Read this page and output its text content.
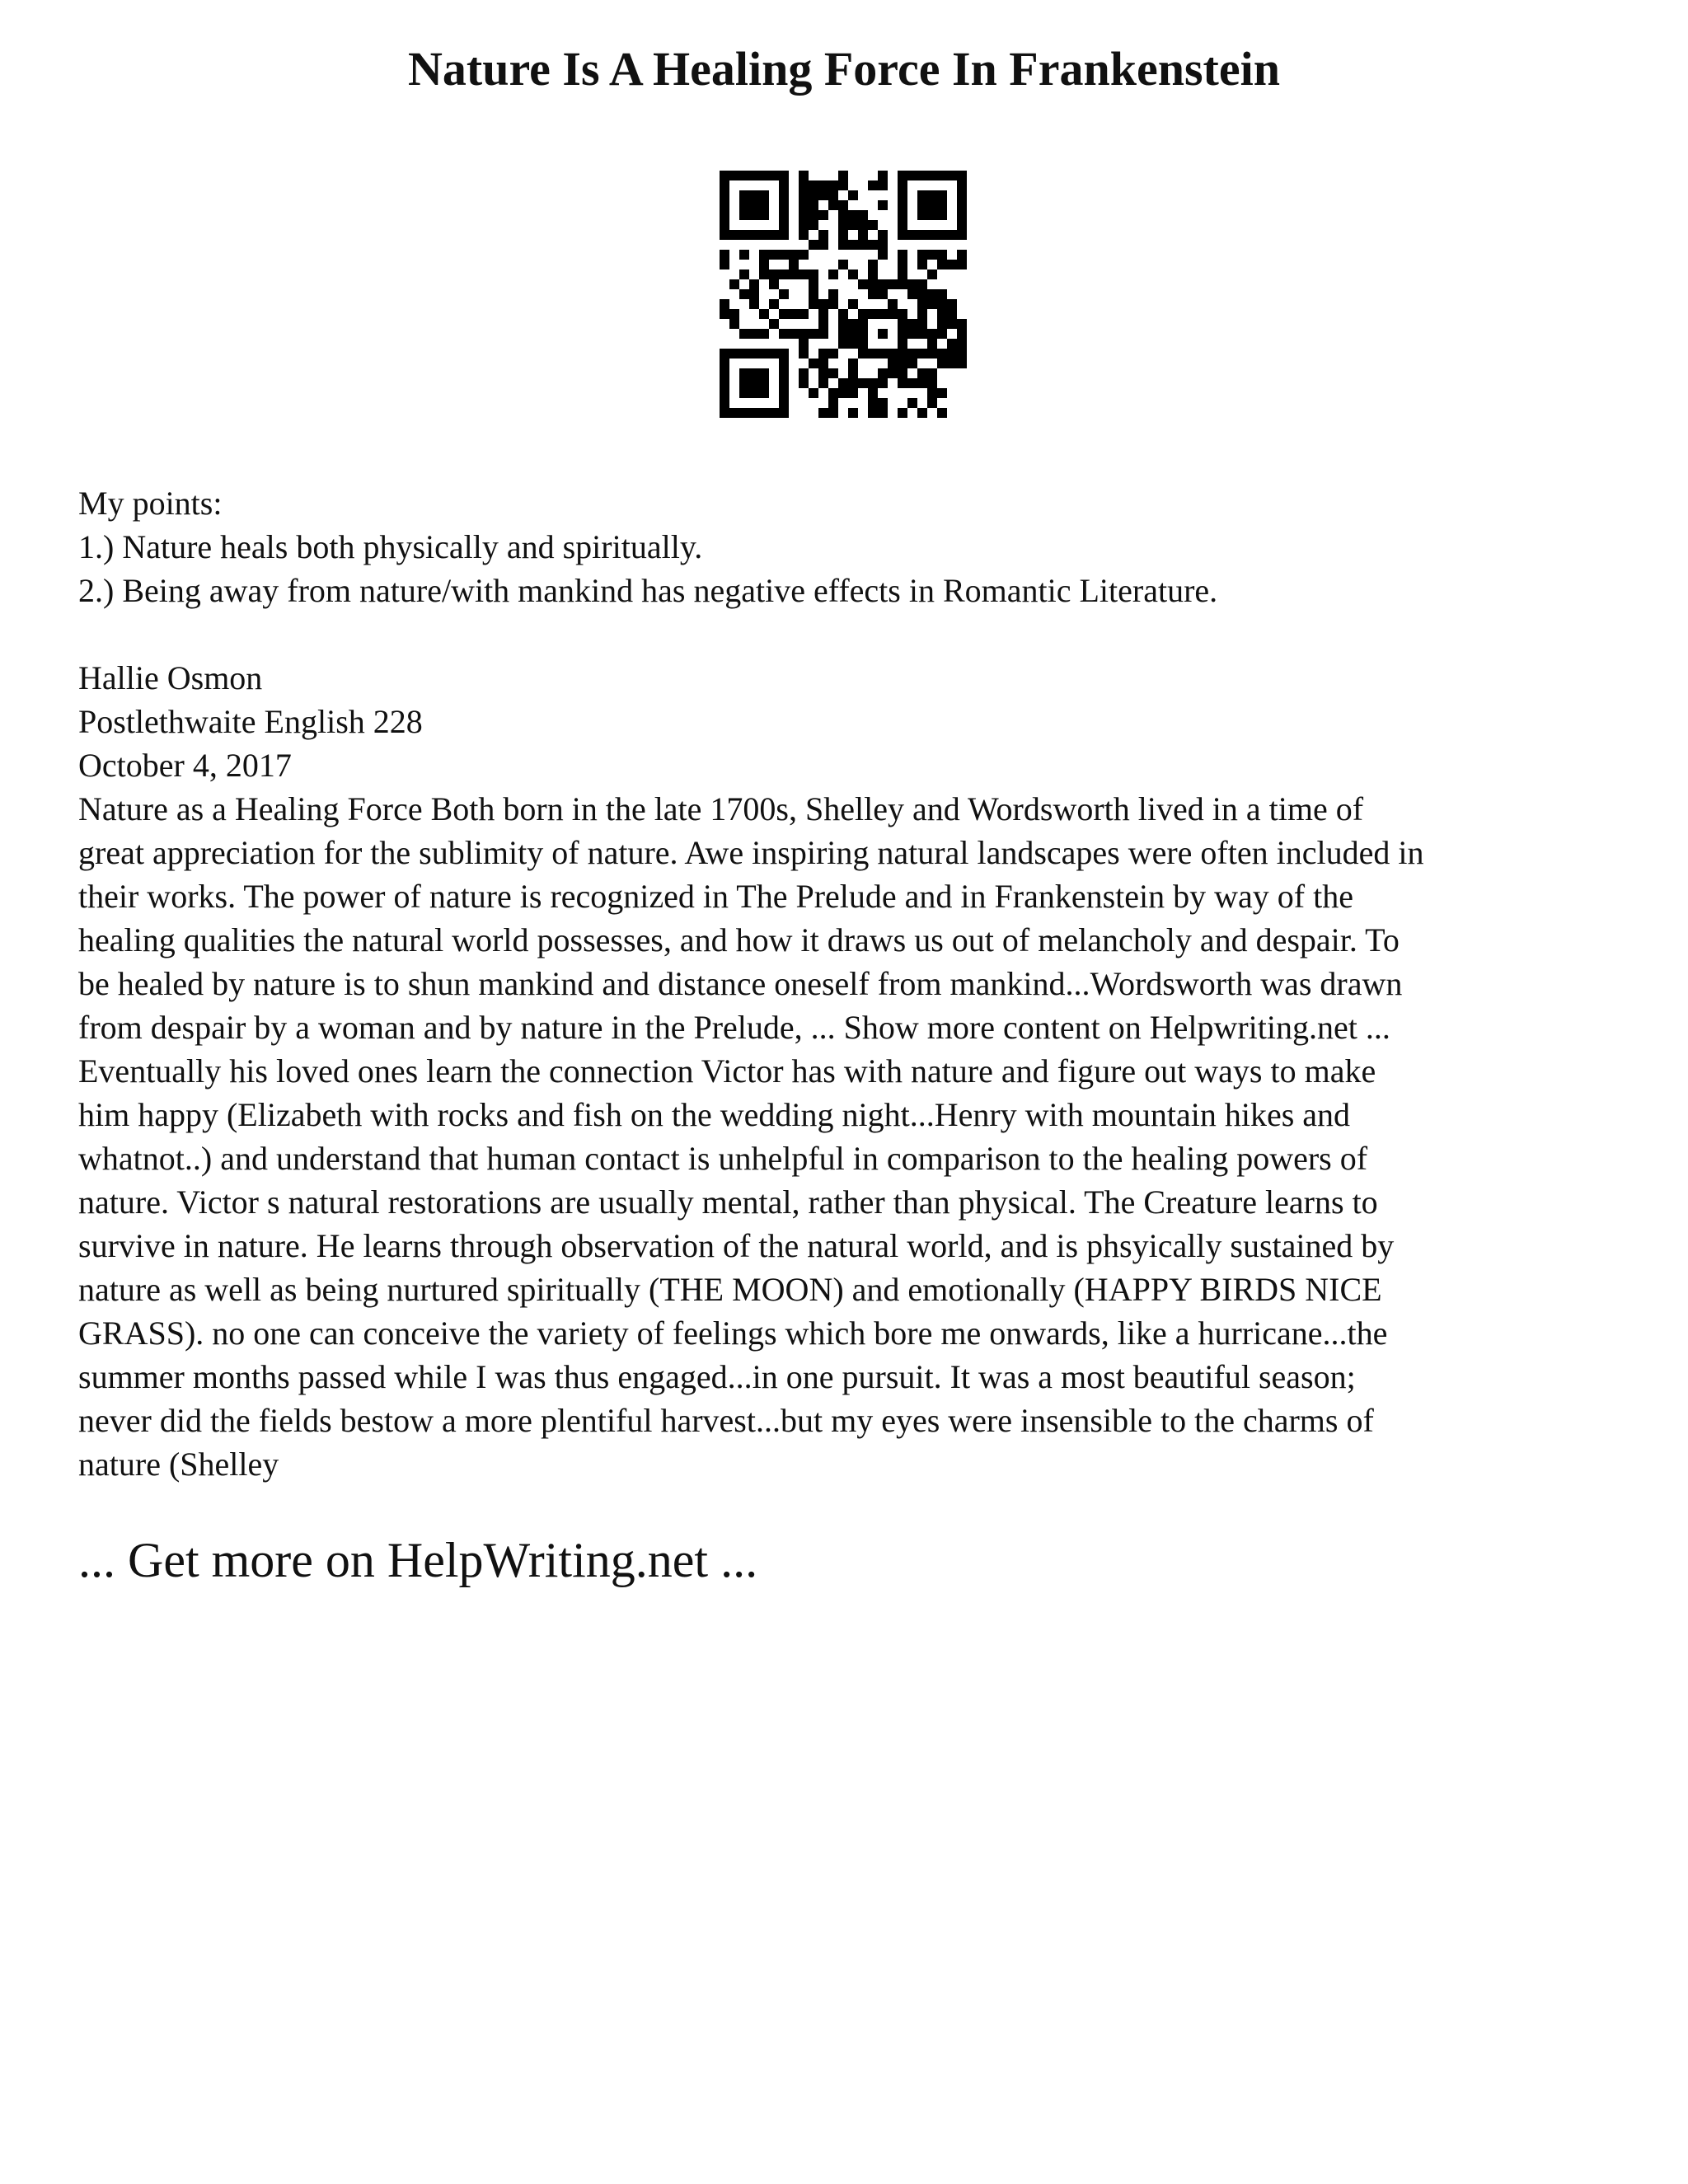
Nature Is A Healing Force In Frankenstein
My points:
1.) Nature heals both physically and spiritually.
2.) Being away from nature/with mankind has negative effects in Romantic Literature.
Hallie Osmon
Postlethwaite English 228
October 4, 2017
Nature as a Healing Force Both born in the late 1700s, Shelley and Wordsworth lived in a time of
great appreciation for the sublimity of nature. Awe inspiring natural landscapes were often included in
their works. The power of nature is recognized in The Prelude and in Frankenstein by way of the
healing qualities the natural world possesses, and how it draws us out of melancholy and despair. To
be healed by nature is to shun mankind and distance oneself from mankind...Wordsworth was drawn
from despair by a woman and by nature in the Prelude, ... Show more content on Helpwriting.net ...
Eventually his loved ones learn the connection Victor has with nature and figure out ways to make
him happy (Elizabeth with rocks and fish on the wedding night...Henry with mountain hikes and
whatnot..) and understand that human contact is unhelpful in comparison to the healing powers of
nature. Victor s natural restorations are usually mental, rather than physical. The Creature learns to
survive in nature. He learns through observation of the natural world, and is phsyically sustained by
nature as well as being nurtured spiritually (THE MOON) and emotionally (HAPPY BIRDS NICE
GRASS). no one can conceive the variety of feelings which bore me onwards, like a hurricane...the
summer months passed while I was thus engaged...in one pursuit. It was a most beautiful season;
never did the fields bestow a more plentiful harvest...but my eyes were insensible to the charms of
nature (Shelley
... Get more on HelpWriting.net ...
